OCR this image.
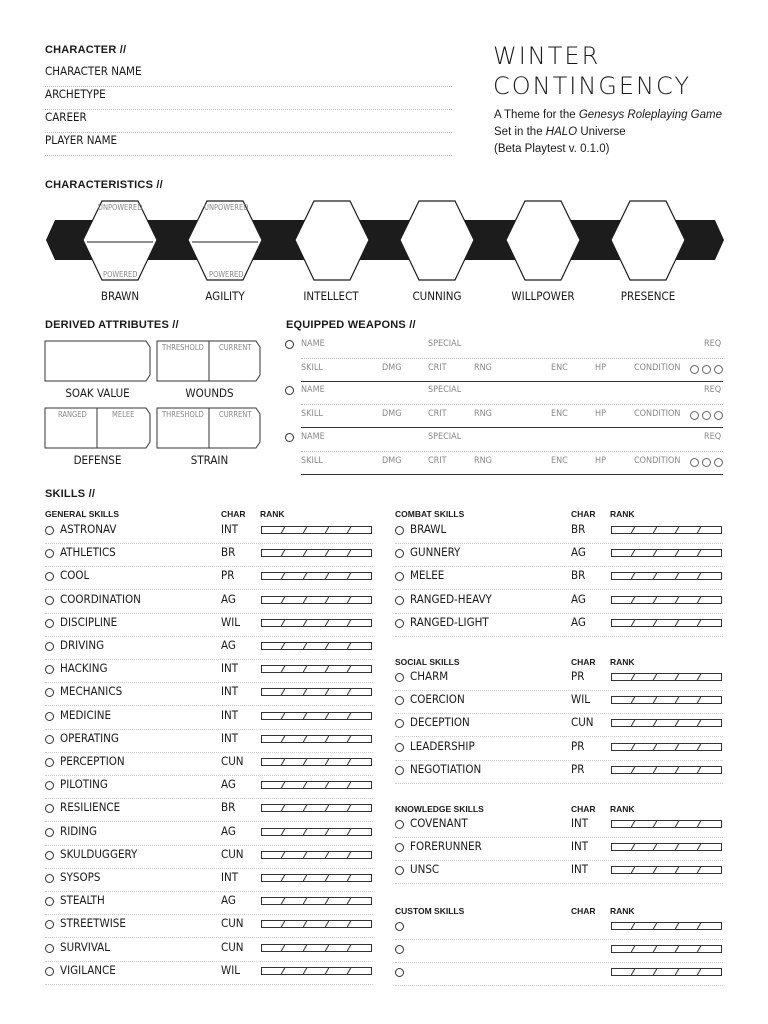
CHARACTER //
CHARACTER NAME
ARCHETYPE
CAREER
PLAYER NAME
WINTER
CONTINGENCY
A Theme for the Genesys Roleplaying Game
Set in the HALO Universe
(Beta Playtest v. 0.1.0)
CHARACTERISTICS //
BRAWN	AGILITY	INTELLECT	CUNNING	WILLPOWER	PRESENCE
UNPOWERED
POWERED
UNPOWERED
POWERED
DERIVED ATTRIBUTES //
THRESHOLD CURRENT
RANGED	MELEE	THRESHOLD CURRENT
SOAK VALUE	WOUNDS
DEFENSE	STRAIN
EQUIPPED WEAPONS //
NAME	SPECIAL	REQ
SKILL	DMG	CRIT	RNG	ENC	HP	CONDITION
NAME	SPECIAL	REQ
SKILL	DMG	CRIT	RNG	ENC	HP	CONDITION
NAME	SPECIAL	REQ
SKILL	DMG	CRIT	RNG	ENC	HP	CONDITION
SKILLS //
GENERAL SKILLS	CHAR RANK
ASTRONAV	INT
ATHLETICS	BR
COOL	PR
COORDINATION	AG
DISCIPLINE	WIL
DRIVING	AG
HACKING	INT
MECHANICS	INT
MEDICINE	INT
OPERATING	INT
PERCEPTION	CUN
PILOTING	AG
RESILIENCE	BR
RIDING	AG
SKULDUGGERY	CUN
SYSOPS	INT
STEALTH	AG
STREETWISE	CUN
SURVIVAL	CUN
VIGILANCE	WIL
COMBAT SKILLS	CHAR RANK
BRAWL	BR
GUNNERY	AG
MELEE	BR
RANGED-HEAVY	AG
RANGED-LIGHT	AG
SOCIAL SKILLS	CHAR RANK
CHARM	PR
COERCION	WIL
DECEPTION	CUN
LEADERSHIP	PR
NEGOTIATION	PR
KNOWLEDGE SKILLS	CHAR RANK
COVENANT	INT
FORERUNNER	INT
UNSC	INT
CUSTOM SKILLS	CHAR RANK
